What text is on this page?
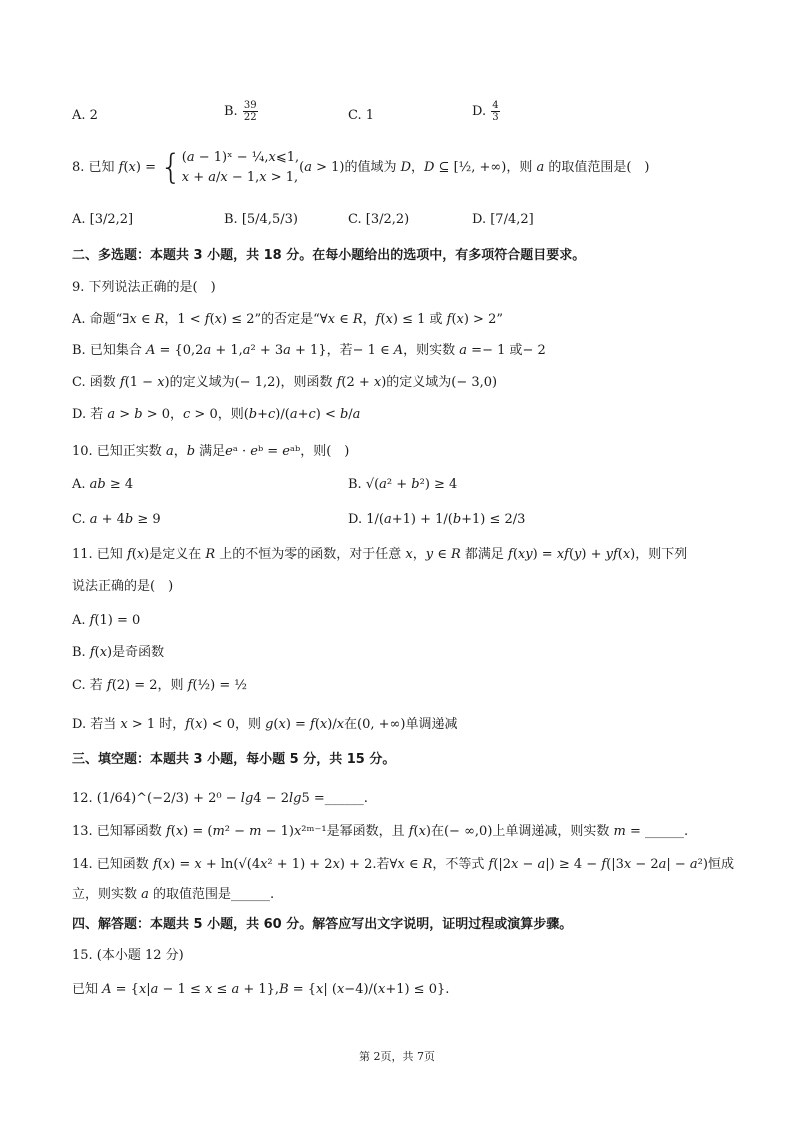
A. 2	B. $\frac{39}{22}$	C. 1	D. $\frac{4}{3}$
8. 已知 𝑓(𝑥) = { (𝑎 − 1)ˣ − ¼,𝑥⩽1,
𝑥 + 𝑎/𝑥 − 1,𝑥 > 1,
(𝑎 > 1)的值域为 𝐷，𝐷 ⊆ [½, +∞)，则 𝑎 的取值范围是(　)
A. [3/2,2]	B. [5/4,5/3)	C. [3/2,2)	D. [7/4,2]
二、多选题：本题共 3 小题，共 18 分。在每小题给出的选项中，有多项符合题目要求。
9. 下列说法正确的是(　)
A. 命题“∃𝑥 ∈ 𝑅，1 < 𝑓(𝑥) ≤ 2”的否定是“∀𝑥 ∈ 𝑅，𝑓(𝑥) ≤ 1 或 𝑓(𝑥) > 2”
B. 已知集合 𝐴 = {0,2𝑎 + 1,𝑎² + 3𝑎 + 1}，若− 1 ∈ 𝐴，则实数 𝑎 =− 1 或− 2
C. 函数 𝑓(1 − 𝑥)的定义域为(− 1,2)，则函数 𝑓(2 + 𝑥)的定义域为(− 3,0)
D. 若 𝑎 > 𝑏 > 0，𝑐 > 0，则(𝑏+𝑐)/(𝑎+𝑐) < 𝑏/𝑎
10. 已知正实数 𝑎，𝑏 满足𝑒ᵃ · 𝑒ᵇ = 𝑒ᵃᵇ，则(　)
A. 𝑎𝑏 ≥ 4	B. √(𝑎² + 𝑏²) ≥ 4
C. 𝑎 + 4𝑏 ≥ 9	D. 1/(𝑎+1) + 1/(𝑏+1) ≤ 2/3
11. 已知 𝑓(𝑥)是定义在 𝑅 上的不恒为零的函数，对于任意 𝑥，𝑦 ∈ 𝑅 都满足 𝑓(𝑥𝑦) = 𝑥𝑓(𝑦) + 𝑦𝑓(𝑥)，则下列
说法正确的是(　)
A. 𝑓(1) = 0
B. 𝑓(𝑥)是奇函数
C. 若 𝑓(2) = 2，则 𝑓(½) = ½
D. 若当 𝑥 > 1 时，𝑓(𝑥) < 0，则 𝑔(𝑥) = 𝑓(𝑥)/𝑥在(0, +∞)单调递减
三、填空题：本题共 3 小题，每小题 5 分，共 15 分。
12. (1/64)^(−2/3) + 2⁰ − 𝑙𝑔4 − 2𝑙𝑔5 =______.
13. 已知幂函数 𝑓(𝑥) = (𝑚² − 𝑚 − 1)𝑥²ᵐ⁻¹是幂函数，且 𝑓(𝑥)在(− ∞,0)上单调递减，则实数 𝑚 = ______.
14. 已知函数 𝑓(𝑥) = 𝑥 + ln(√(4𝑥² + 1) + 2𝑥) + 2.若∀𝑥 ∈ 𝑅，不等式 𝑓(|2𝑥 − 𝑎|) ≥ 4 − 𝑓(|3𝑥 − 2𝑎| − 𝑎²)恒成
立，则实数 𝑎 的取值范围是______.
四、解答题：本题共 5 小题，共 60 分。解答应写出文字说明，证明过程或演算步骤。
15. (本小题 12 分)
已知 𝐴 = {𝑥|𝑎 − 1 ≤ 𝑥 ≤ 𝑎 + 1},𝐵 = {𝑥| (𝑥−4)/(𝑥+1) ≤ 0}.
第 2页，共 7页
